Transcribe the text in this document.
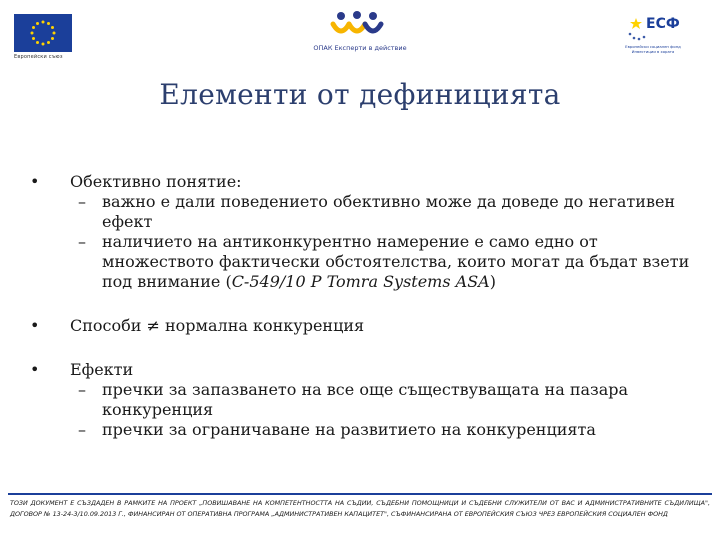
Европейски съюз
ОПАК Експерти в действие
ЕСФ
Европейски социален фонд Инвестиции в хората
Елементи от дефиницията
• Обективно понятие:
– важно е дали поведението обективно може да доведе до негативен ефект
– наличието на антиконкурентно намерение е само едно от множеството фактически обстоятелства, които могат да бъдат взети под внимание (C-549/10 P Tomra Systems ASA)
• Способи ≠ нормална конкуренция
• Ефекти
– пречки за запазването на все още съществуващата на пазара конкуренция
– пречки за ограничаване на развитието на конкуренцията
ТОЗИ ДОКУМЕНТ Е СЪЗДАДЕН В РАМКИТЕ НА ПРОЕКТ „ПОВИШАВАНЕ НА КОМПЕТЕНТНОСТТА НА СЪДИИ, СЪДЕБНИ ПОМОЩНИЦИ И СЪДЕБНИ СЛУЖИТЕЛИ ОТ ВАС И АДМИНИСТРАТИВНИТЕ СЪДИЛИЩА", ДОГОВОР № 13-24-3/10.09.2013 Г., ФИНАНСИРАН ОТ ОПЕРАТИВНА ПРОГРАМА „АДМИНИСТРАТИВЕН КАПАЦИТЕТ", СЪФИНАНСИРАНА ОТ ЕВРОПЕЙСКИЯ СЪЮЗ ЧРЕЗ ЕВРОПЕЙСКИЯ СОЦИАЛЕН ФОНД
